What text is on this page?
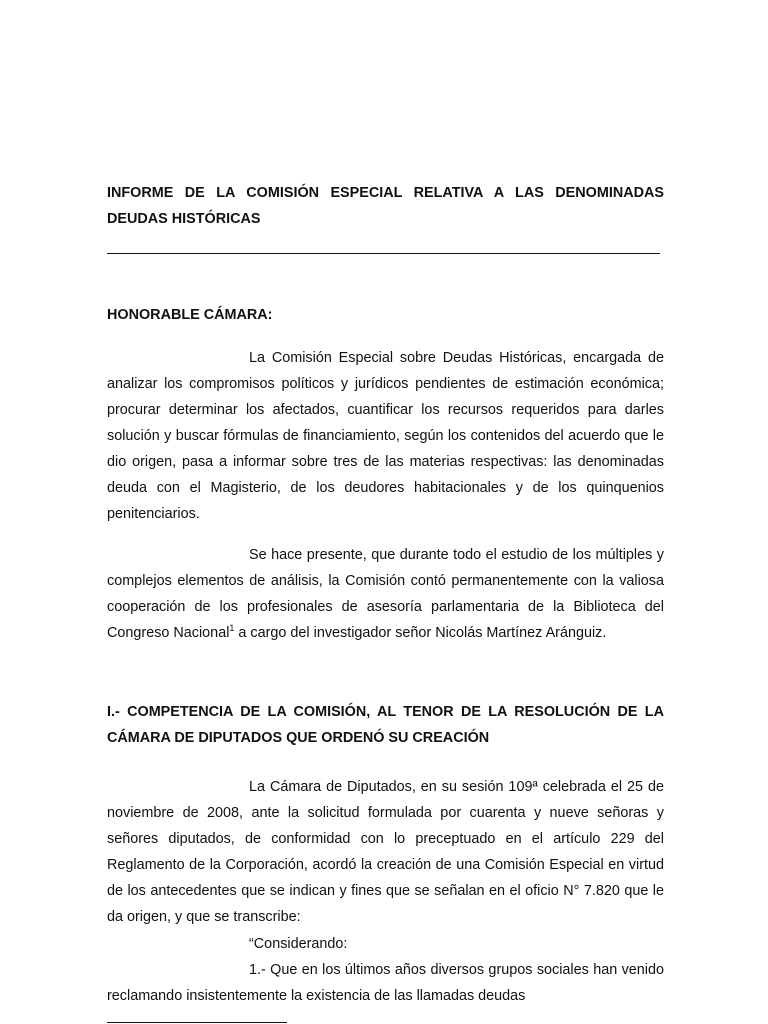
INFORME DE LA COMISIÓN ESPECIAL RELATIVA A LAS DENOMINADAS DEUDAS HISTÓRICAS

HONORABLE CÁMARA:

La Comisión Especial sobre Deudas Históricas, encargada de analizar los compromisos políticos y jurídicos pendientes de estimación económica; procurar determinar los afectados, cuantificar los recursos requeridos para darles solución y buscar fórmulas de financiamiento, según los contenidos del acuerdo que le dio origen, pasa a informar sobre tres de las materias respectivas: las denominadas deuda con el Magisterio, de los deudores habitacionales y de los quinquenios penitenciarios.

Se hace presente, que durante todo el estudio de los múltiples y complejos elementos de análisis, la Comisión contó permanentemente con la valiosa cooperación de los profesionales de asesoría parlamentaria de la Biblioteca del Congreso Nacional$^1$ a cargo del investigador señor Nicolás Martínez Aránguiz.

I.- COMPETENCIA DE LA COMISIÓN, AL TENOR DE LA RESOLUCIÓN DE LA CÁMARA DE DIPUTADOS QUE ORDENÓ SU CREACIÓN

La Cámara de Diputados, en su sesión 109ª celebrada el 25 de noviembre de 2008, ante la solicitud formulada por cuarenta y nueve señoras y señores diputados, de conformidad con lo preceptuado en el artículo 229 del Reglamento de la Corporación, acordó la creación de una Comisión Especial en virtud de los antecedentes que se indican y fines que se señalan en el oficio N° 7.820 que le da origen, y que se transcribe:

“Considerando:

1.- Que en los últimos años diversos grupos sociales han venido reclamando insistentemente la existencia de las llamadas deudas
